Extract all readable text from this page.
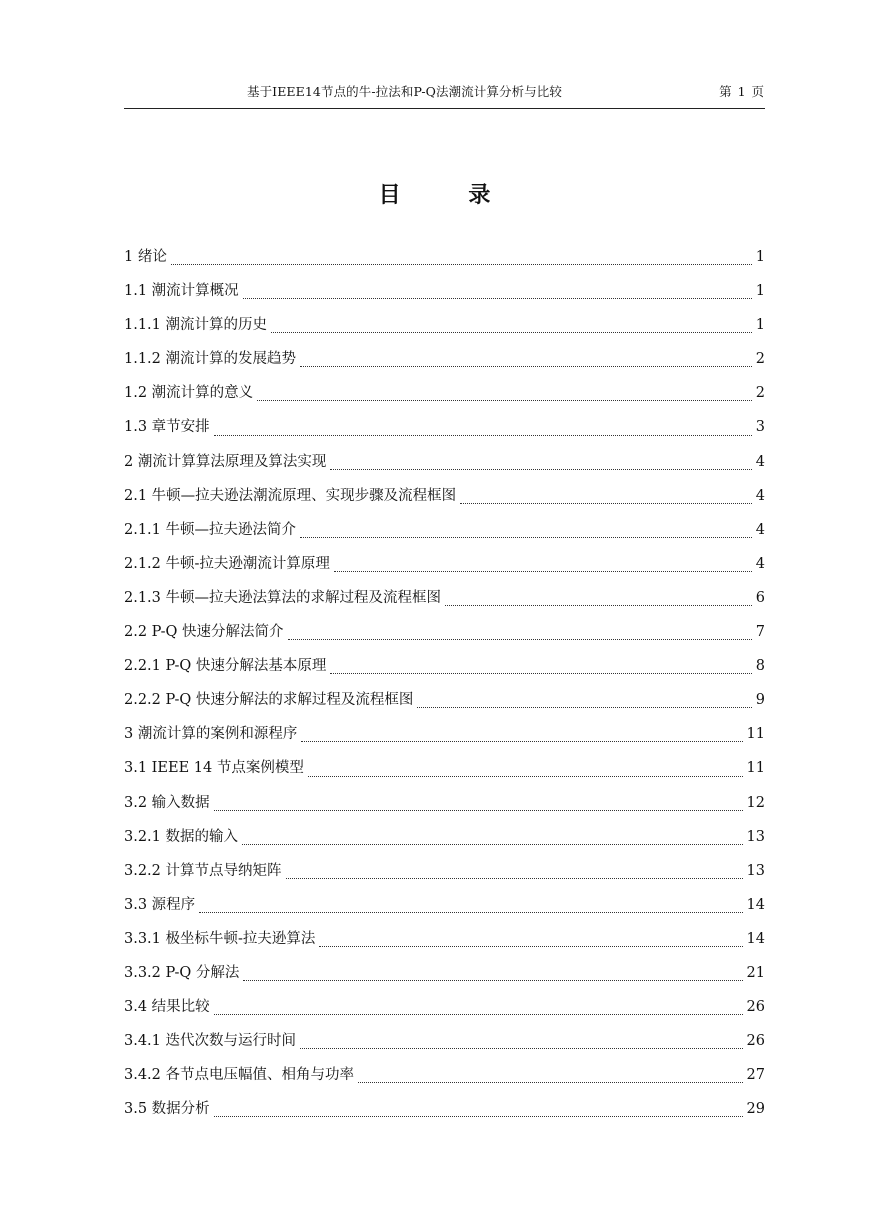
基于IEEE14节点的牛-拉法和P-Q法潮流计算分析与比较	第 1 页
目 录
1 绪论	1
1.1 潮流计算概况	1
1.1.1 潮流计算的历史	1
1.1.2 潮流计算的发展趋势	2
1.2 潮流计算的意义	2
1.3 章节安排	3
2 潮流计算算法原理及算法实现	4
2.1 牛顿—拉夫逊法潮流原理、实现步骤及流程框图	4
2.1.1 牛顿—拉夫逊法简介	4
2.1.2 牛顿-拉夫逊潮流计算原理	4
2.1.3 牛顿—拉夫逊法算法的求解过程及流程框图	6
2.2 P-Q 快速分解法简介	7
2.2.1 P-Q 快速分解法基本原理	8
2.2.2 P-Q 快速分解法的求解过程及流程框图	9
3 潮流计算的案例和源程序	11
3.1 IEEE 14 节点案例模型	11
3.2 输入数据	12
3.2.1 数据的输入	13
3.2.2 计算节点导纳矩阵	13
3.3 源程序	14
3.3.1 极坐标牛顿-拉夫逊算法	14
3.3.2 P-Q 分解法	21
3.4 结果比较	26
3.4.1 迭代次数与运行时间	26
3.4.2 各节点电压幅值、相角与功率	27
3.5 数据分析	29
